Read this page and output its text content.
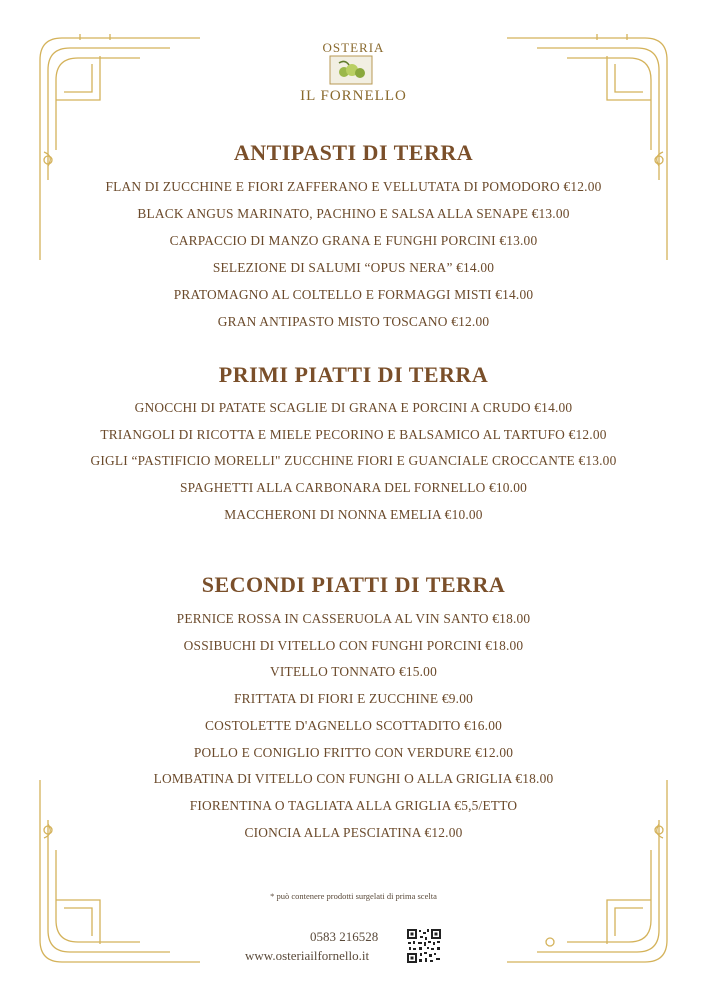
OSTERIA
IL FORNELLO
ANTIPASTI DI TERRA
FLAN DI ZUCCHINE E FIORI ZAFFERANO E VELLUTATA DI POMODORO €12.00
BLACK ANGUS MARINATO, PACHINO E SALSA ALLA SENAPE €13.00
CARPACCIO DI MANZO GRANA E FUNGHI PORCINI €13.00
SELEZIONE DI SALUMI “OPUS NERA” €14.00
PRATOMAGNO AL COLTELLO E FORMAGGI MISTI €14.00
GRAN ANTIPASTO MISTO TOSCANO €12.00
PRIMI PIATTI DI TERRA
GNOCCHI DI PATATE SCAGLIE DI GRANA E PORCINI A CRUDO €14.00
TRIANGOLI DI RICOTTA E MIELE PECORINO E BALSAMICO AL TARTUFO €12.00
GIGLI “PASTIFICIO MORELLI" ZUCCHINE FIORI E GUANCIALE CROCCANTE €13.00
SPAGHETTI ALLA CARBONARA DEL FORNELLO €10.00
MACCHERONI DI NONNA EMELIA €10.00
SECONDI PIATTI DI TERRA
PERNICE ROSSA IN CASSERUOLA AL VIN SANTO €18.00
OSSIBUCHI DI VITELLO CON FUNGHI PORCINI €18.00
VITELLO TONNATO €15.00
FRITTATA DI FIORI E ZUCCHINE €9.00
COSTOLETTE D'AGNELLO SCOTTADITO €16.00
POLLO E CONIGLIO FRITTO CON VERDURE €12.00
LOMBATINA DI VITELLO CON FUNGHI O ALLA GRIGLIA €18.00
FIORENTINA O TAGLIATA ALLA GRIGLIA €5,5/ETTO
CIONCIA ALLA PESCIATINA €12.00
* può contenere prodotti surgelati di prima scelta
0583 216528
www.osteriailfornello.it
